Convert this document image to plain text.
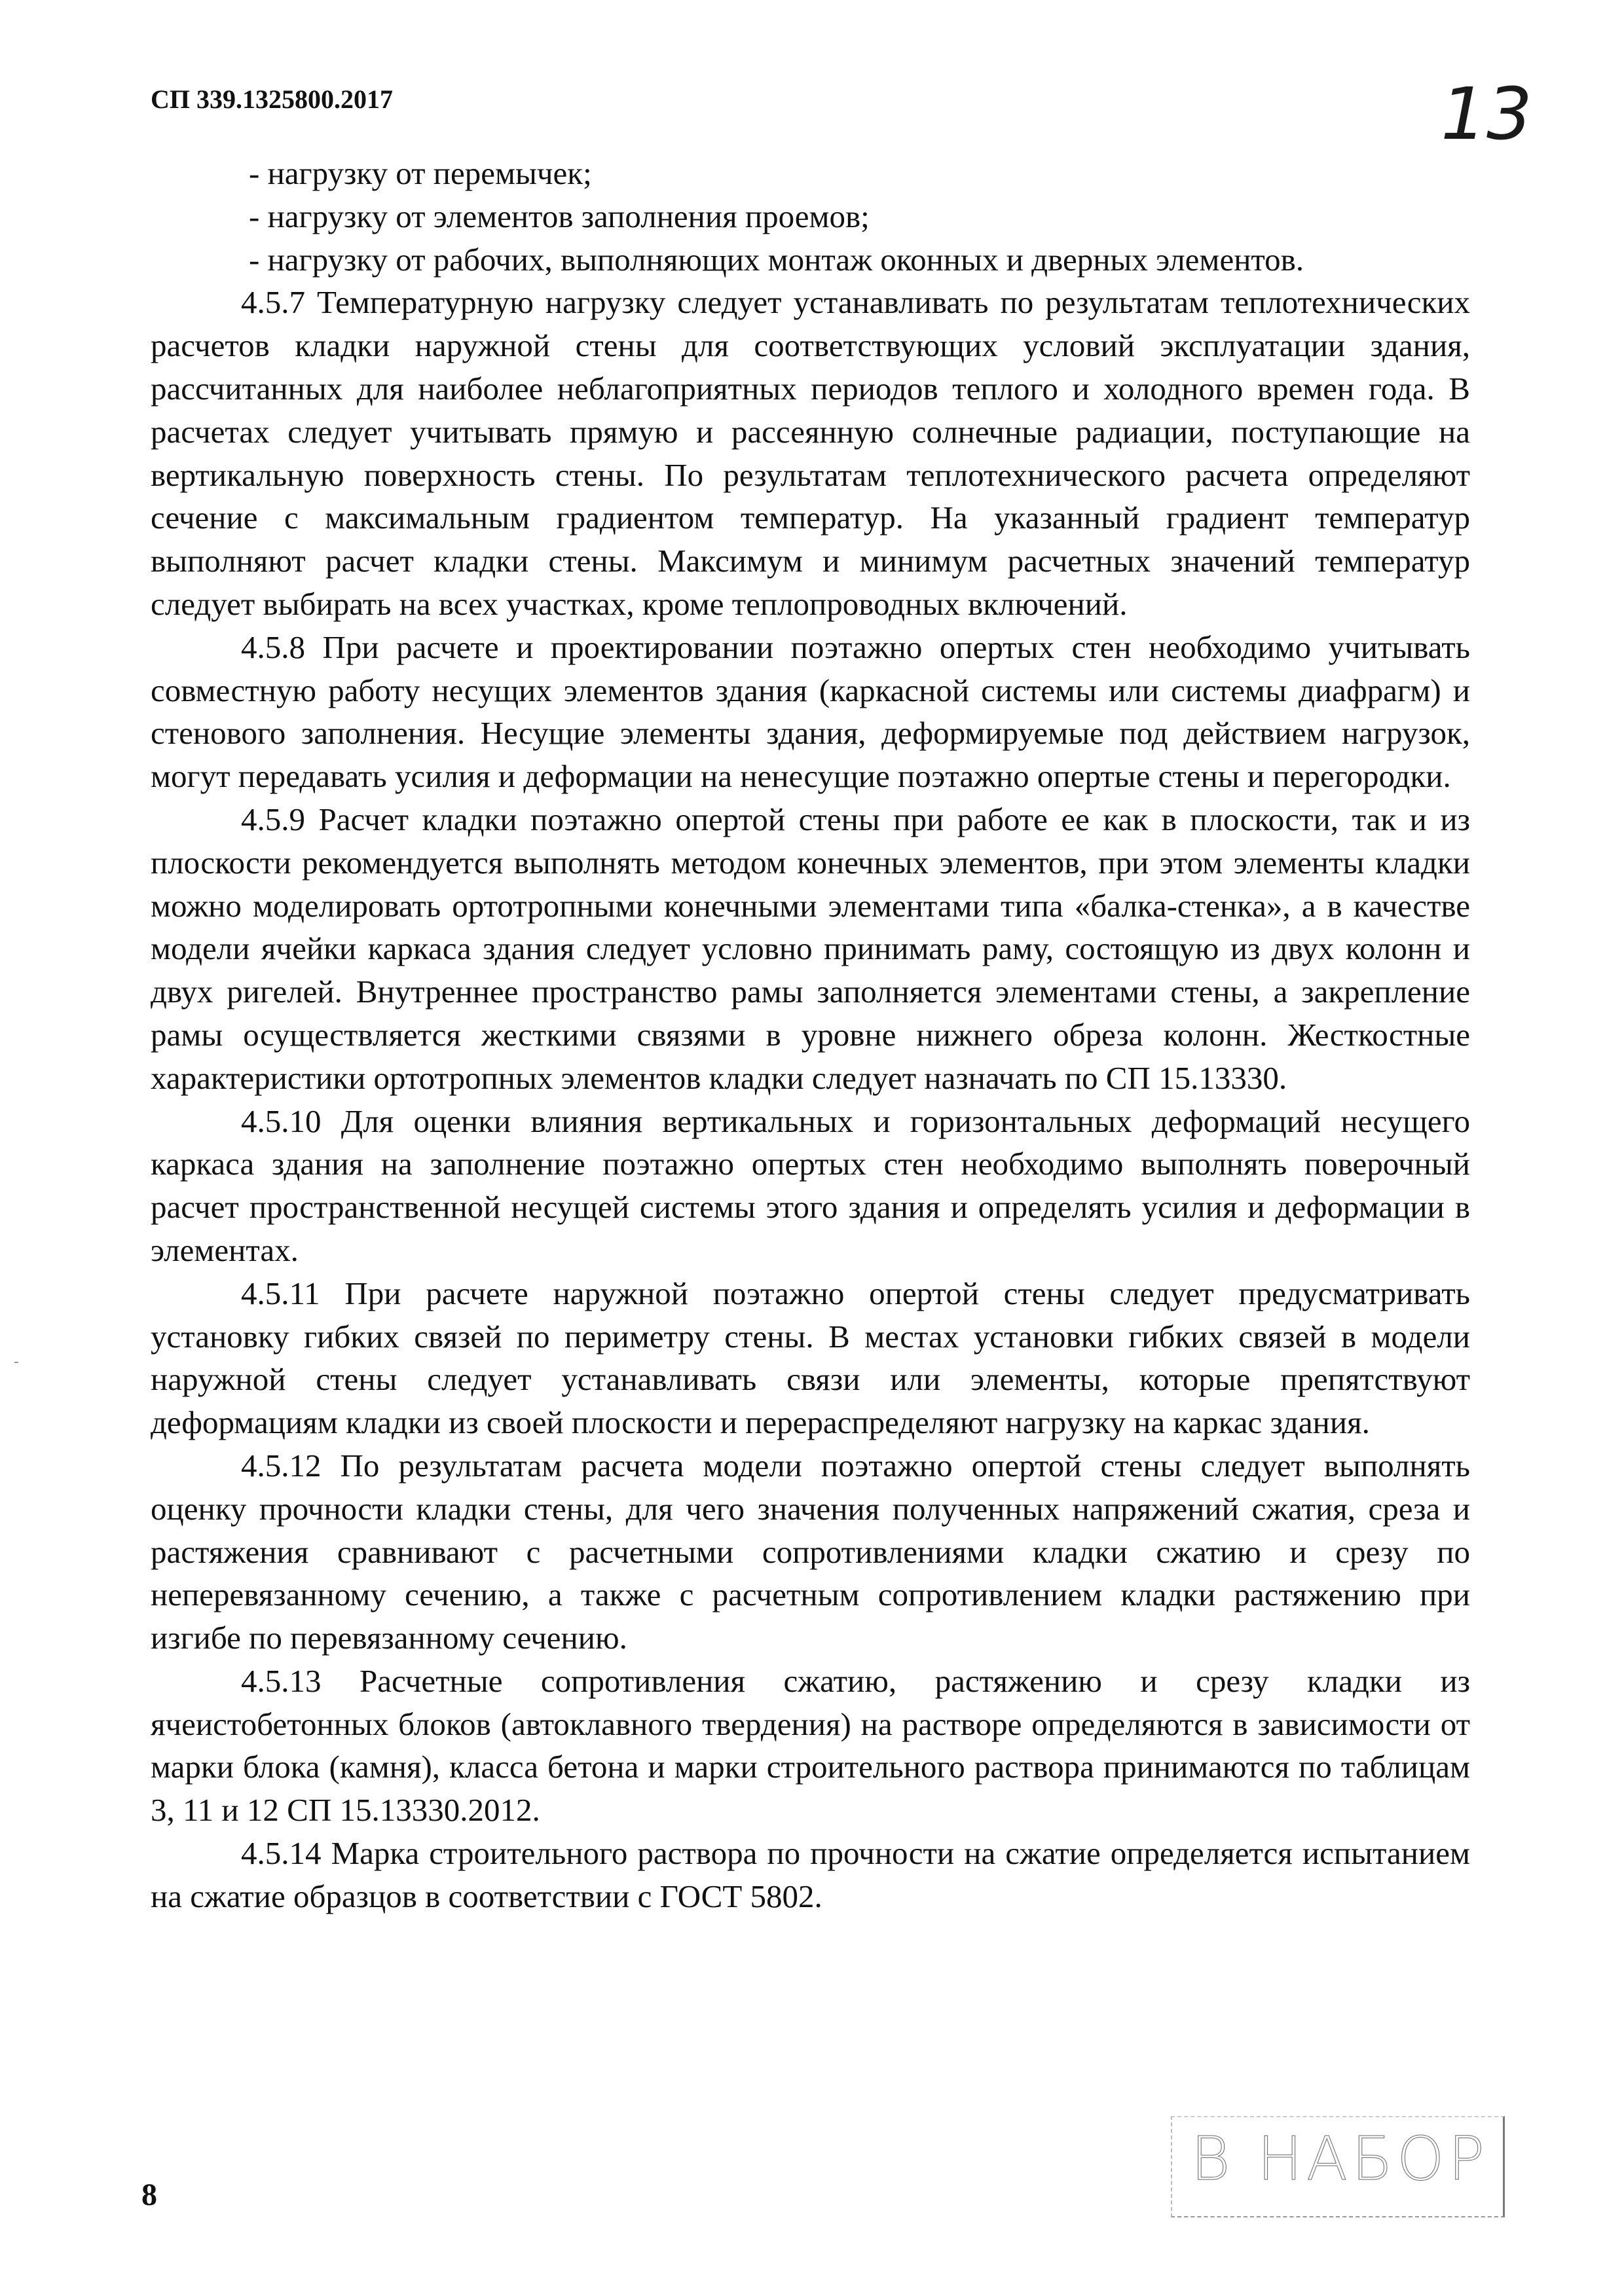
СП 339.1325800.2017	13

- нагрузку от перемычек;

- нагрузку от элементов заполнения проемов;

- нагрузку от рабочих, выполняющих монтаж оконных и дверных элементов.

4.5.7 Температурную нагрузку следует устанавливать по результатам теплотехнических расчетов кладки наружной стены для соответствующих условий эксплуатации здания, рассчитанных для наиболее неблагоприятных периодов теплого и холодного времен года. В расчетах следует учитывать прямую и рассеянную солнечные радиации, поступающие на вертикальную поверхность стены. По результатам теплотехнического расчета определяют сечение с максимальным градиентом температур. На указанный градиент температур выполняют расчет кладки стены. Максимум и минимум расчетных значений температур следует выбирать на всех участках, кроме теплопроводных включений.

4.5.8 При расчете и проектировании поэтажно опертых стен необходимо учитывать совместную работу несущих элементов здания (каркасной системы или системы диафрагм) и стенового заполнения. Несущие элементы здания, деформируемые под действием нагрузок, могут передавать усилия и деформации на ненесущие поэтажно опертые стены и перегородки.

4.5.9 Расчет кладки поэтажно опертой стены при работе ее как в плоскости, так и из плоскости рекомендуется выполнять методом конечных элементов, при этом элементы кладки можно моделировать ортотропными конечными элементами типа «балка-стенка», а в качестве модели ячейки каркаса здания следует условно принимать раму, состоящую из двух колонн и двух ригелей. Внутреннее пространство рамы заполняется элементами стены, а закрепление рамы осуществляется жесткими связями в уровне нижнего обреза колонн. Жесткостные характеристики ортотропных элементов кладки следует назначать по СП 15.13330.

4.5.10 Для оценки влияния вертикальных и горизонтальных деформаций несущего каркаса здания на заполнение поэтажно опертых стен необходимо выполнять поверочный расчет пространственной несущей системы этого здания и определять усилия и деформации в элементах.

4.5.11 При расчете наружной поэтажно опертой стены следует предусматривать установку гибких связей по периметру стены. В местах установки гибких связей в модели наружной стены следует устанавливать связи или элементы, которые препятствуют деформациям кладки из своей плоскости и перераспределяют нагрузку на каркас здания.

4.5.12 По результатам расчета модели поэтажно опертой стены следует выполнять оценку прочности кладки стены, для чего значения полученных напряжений сжатия, среза и растяжения сравнивают с расчетными сопротивлениями кладки сжатию и срезу по неперевязанному сечению, а также с расчетным сопротивлением кладки растяжению при изгибе по перевязанному сечению.

4.5.13 Расчетные сопротивления сжатию, растяжению и срезу кладки из ячеистобетонных блоков (автоклавного твердения) на растворе определяются в зависимости от марки блока (камня), класса бетона и марки строительного раствора принимаются по таблицам 3, 11 и 12 СП 15.13330.2012.

4.5.14 Марка строительного раствора по прочности на сжатие определяется испытанием на сжатие образцов в соответствии с ГОСТ 5802.

В НАБОР
8
